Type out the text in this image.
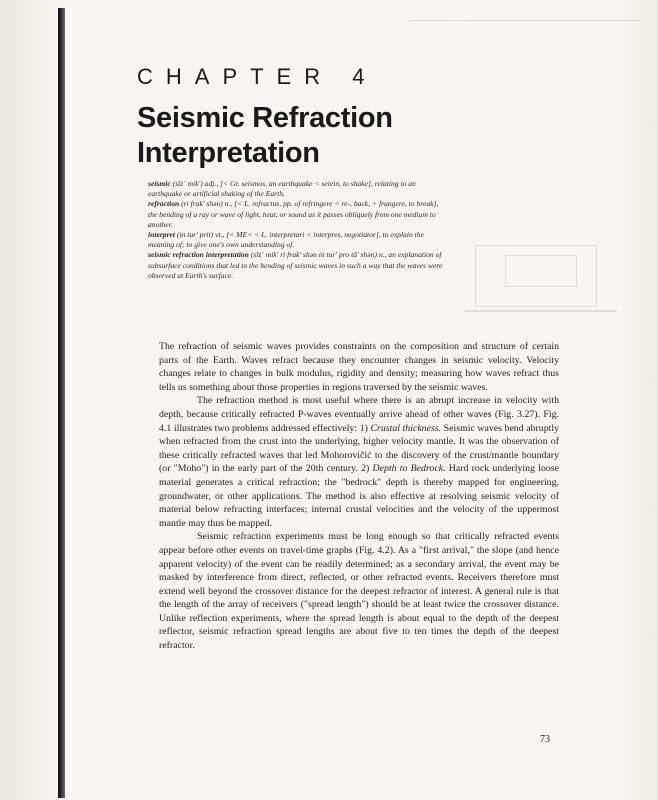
CHAPTER 4
Seismic Refraction Interpretation

seismic (sīz´ mik') adj., [< Gr. seismos, an earthquake < seiein, to shake], relating to an earthquake or artificial shaking of the Earth.

refraction (ri frak' shən) n., [< L. refractus, pp. of refringere < re-, back, + frangere, to break], the bending of a ray or wave of light, heat, or sound as it passes obliquely from one medium to another.

interpret (in tur' prit) vt., [< ME< < L. interpretari < interpres, negotiator], to explain the meaning of; to give one's own understanding of.

seismic refraction interpretation (sīz´ mik' ri frak' shən in tur' pro tā' shən) n., an explanation of subsurface conditions that led to the bending of seismic waves in such a way that the waves were observed at Earth's surface.

The refraction of seismic waves provides constraints on the composition and structure of certain parts of the Earth. Waves refract because they encounter changes in seismic velocity. Velocity changes relate to changes in bulk modulus, rigidity and density; measuring how waves refract thus tells us something about those properties in regions traversed by the seismic waves.

The refraction method is most useful where there is an abrupt increase in velocity with depth, because critically refracted P-waves eventually arrive ahead of other waves (Fig. 3.27). Fig. 4.1 illustrates two problems addressed effectively: 1) Crustal thickness. Seismic waves bend abruptly when refracted from the crust into the underlying, higher velocity mantle. It was the observation of these critically refracted waves that led Mohorovičić to the discovery of the crust/mantle boundary (or "Moho") in the early part of the 20th century. 2) Depth to Bedrock. Hard rock underlying loose material generates a critical refraction; the "bedrock" depth is thereby mapped for engineering, groundwater, or other applications. The method is also effective at resolving seismic velocity of material below refracting interfaces; internal crustal velocities and the velocity of the uppermost mantle may thus be mapped.

Seismic refraction experiments must be long enough so that critically refracted events appear before other events on travel-time graphs (Fig. 4.2). As a "first arrival," the slope (and hence apparent velocity) of the event can be readily determined; as a secondary arrival, the event may be masked by interference from direct, reflected, or other refracted events. Receivers therefore must extend well beyond the crossover distance for the deepest refractor of interest. A general rule is that the length of the array of receivers ("spread length") should be at least twice the crossover distance. Unlike reflection experiments, where the spread length is about equal to the depth of the deepest reflector, seismic refraction spread lengths are about five to ten times the depth of the deepest refractor.

73
